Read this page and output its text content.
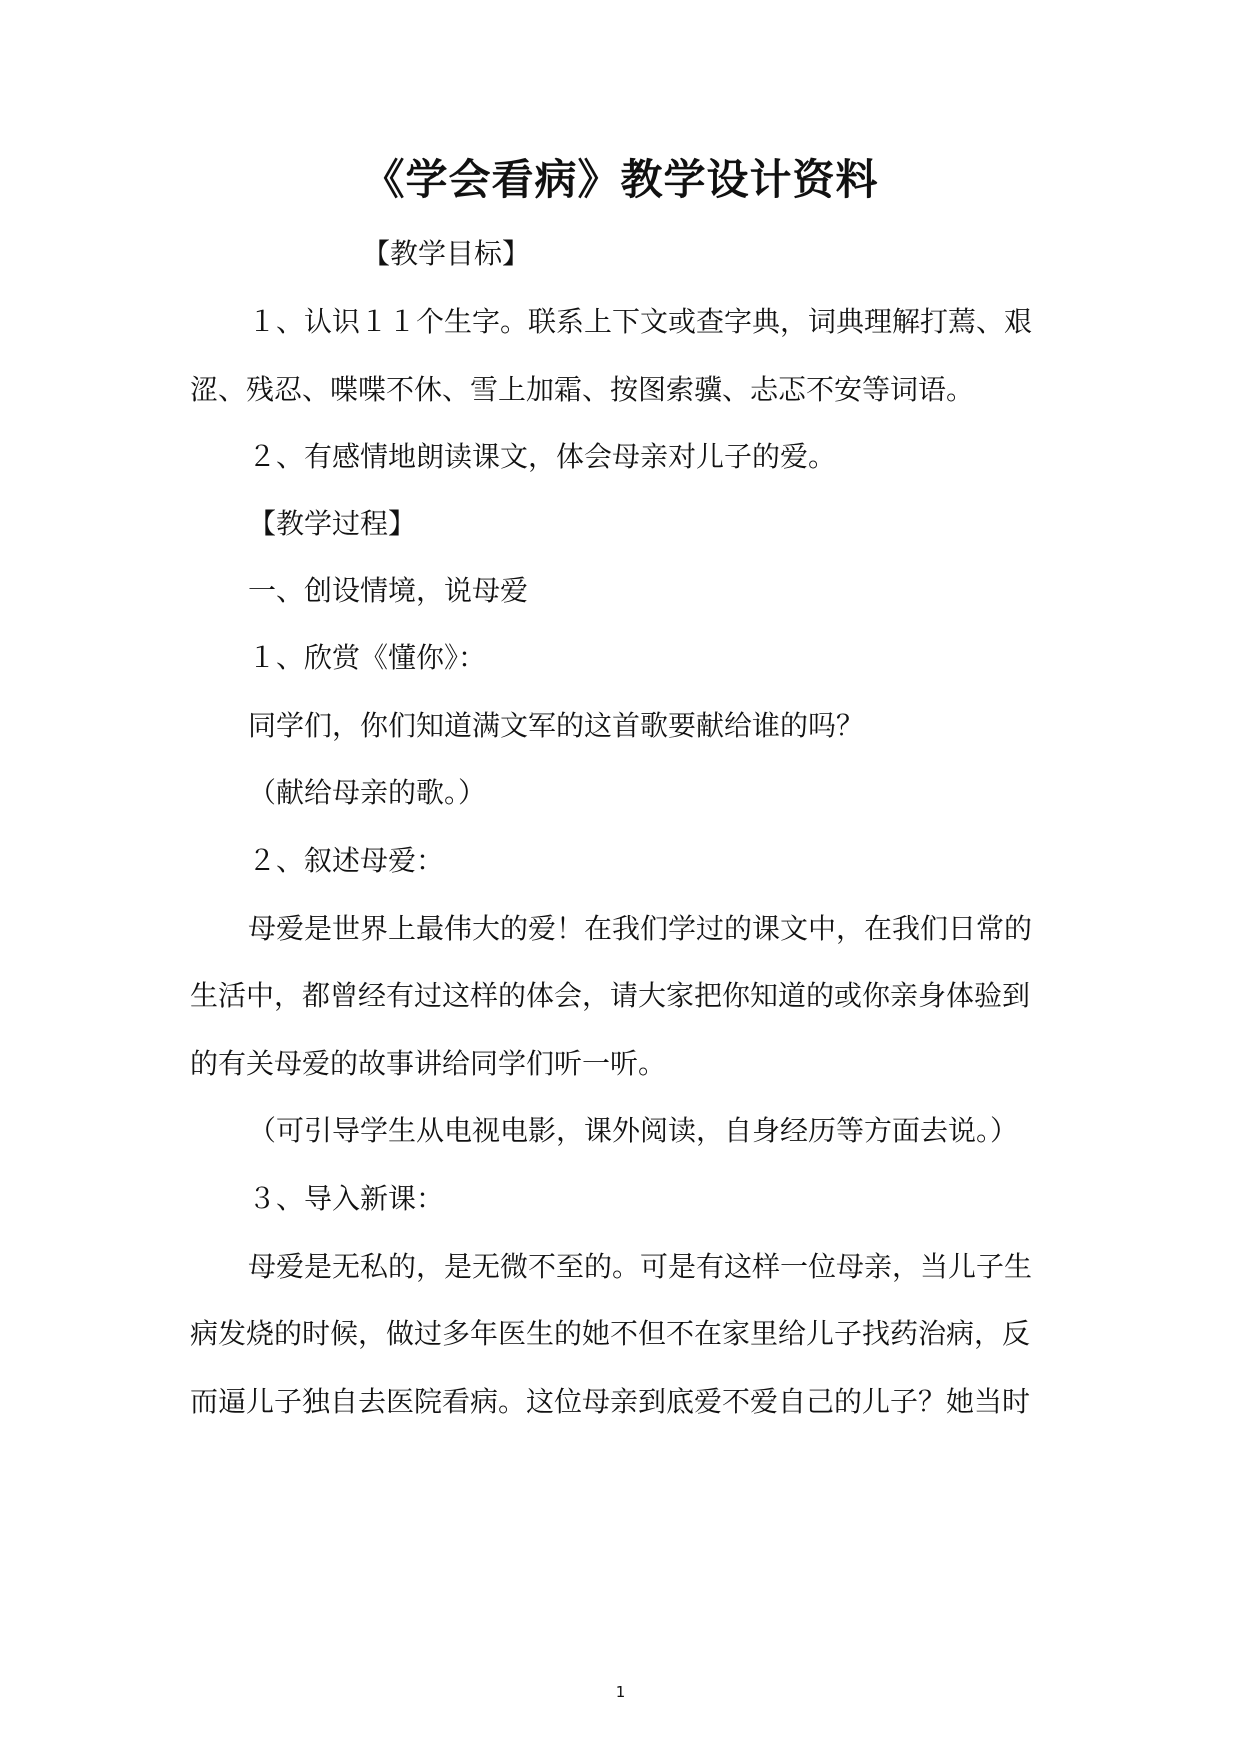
《学会看病》教学设计资料
【教学目标】
１、认识１１个生字。联系上下文或查字典，词典理解打蔫、艰
涩、残忍、喋喋不休、雪上加霜、按图索骥、忐忑不安等词语。
２、有感情地朗读课文，体会母亲对儿子的爱。
【教学过程】
一、创设情境，说母爱
１、欣赏《懂你》：
同学们，你们知道满文军的这首歌要献给谁的吗？
（献给母亲的歌。）
２、叙述母爱：
母爱是世界上最伟大的爱！在我们学过的课文中，在我们日常的
生活中，都曾经有过这样的体会，请大家把你知道的或你亲身体验到
的有关母爱的故事讲给同学们听一听。
（可引导学生从电视电影，课外阅读，自身经历等方面去说。）
３、导入新课：
母爱是无私的，是无微不至的。可是有这样一位母亲，当儿子生
病发烧的时候，做过多年医生的她不但不在家里给儿子找药治病，反
而逼儿子独自去医院看病。这位母亲到底爱不爱自己的儿子？她当时
1
